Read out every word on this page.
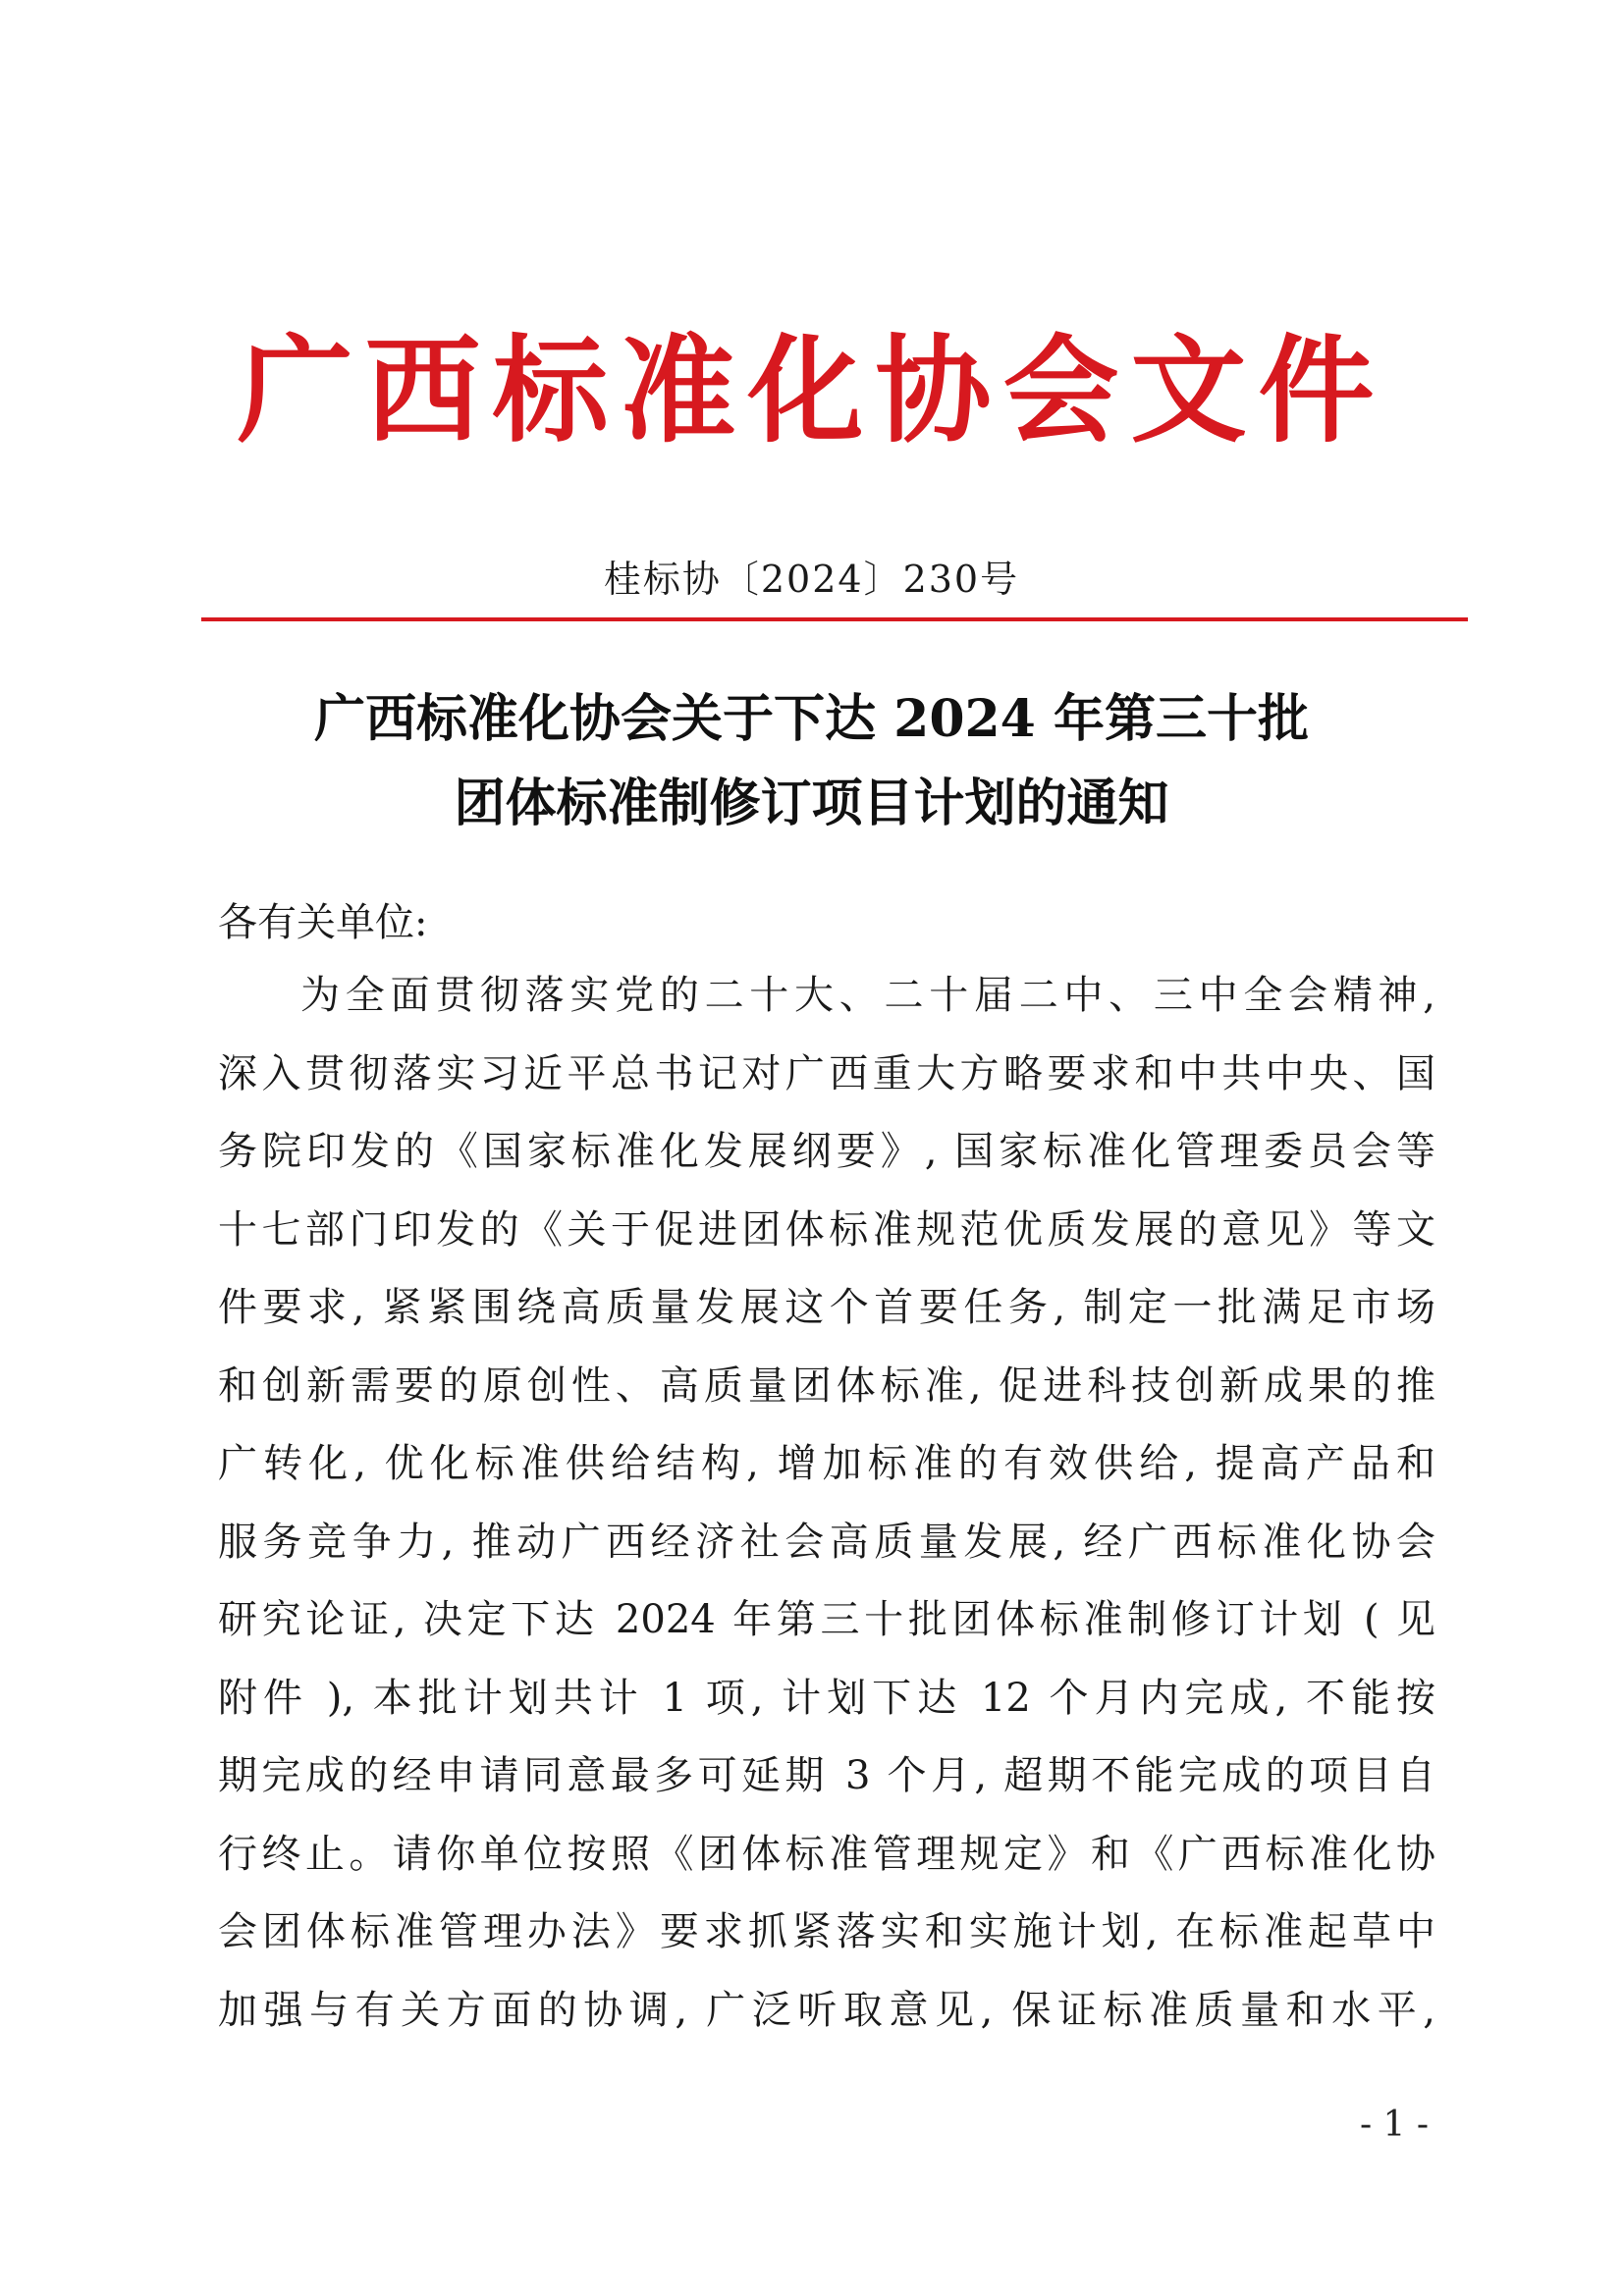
广西标准化协会文件
桂标协〔2024〕230号
广西标准化协会关于下达 2024 年第三十批
团体标准制修订项目计划的通知
各有关单位:
为全面贯彻落实党的二十大、二十届二中、三中全会精神,
深入贯彻落实习近平总书记对广西重大方略要求和中共中央、国
务院印发的《国家标准化发展纲要》, 国家标准化管理委员会等
十七部门印发的《关于促进团体标准规范优质发展的意见》等文
件要求, 紧紧围绕高质量发展这个首要任务, 制定一批满足市场
和创新需要的原创性、高质量团体标准, 促进科技创新成果的推
广转化, 优化标准供给结构, 增加标准的有效供给, 提高产品和
服务竞争力, 推动广西经济社会高质量发展, 经广西标准化协会
研究论证, 决定下达 2024 年第三十批团体标准制修订计划 ( 见
附件 ), 本批计划共计 1 项, 计划下达 12 个月内完成, 不能按
期完成的经申请同意最多可延期 3 个月, 超期不能完成的项目自
行终止。请你单位按照《团体标准管理规定》和《广西标准化协
会团体标准管理办法》要求抓紧落实和实施计划, 在标准起草中
加强与有关方面的协调, 广泛听取意见, 保证标准质量和水平,
- 1 -
